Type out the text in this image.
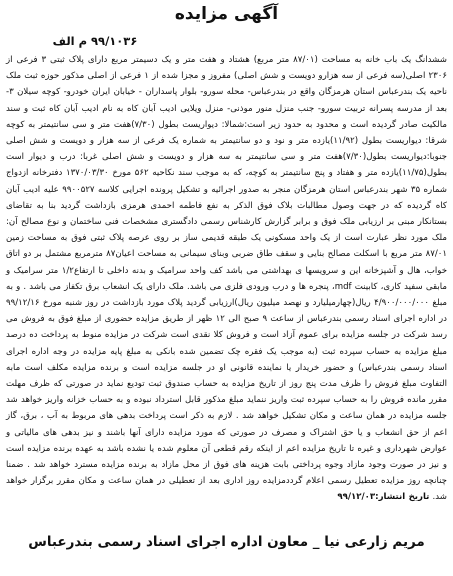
آگهی مزایده
۹۹/۱۰۳۶ م الف
ششدانگ یک باب خانه به مساحت (۸۷/۰۱ متر مربع) هشتاد و هفت متر و یک دسیمتر مربع دارای پلاک ثبتی ۳ فرعی از ۲۳۰۶ اصلی(سه فرعی از سه هزارو دویست و شش اصلی) مفروز و مجزا شده از ۱ فرعی از اصلی مذکور حوزه ثبت ملک ناحیه یک بندرعباس استان هرمزگان واقع در بندرعباس- محله سورو- بلوار پاسداران - خیابان ایران خودرو- کوچه سیلان ۳- بعد از مدرسه پسرانه تربیت سورو- جنب منزل منور موذنی- منزل ویلایی ادیب آبان کاه به نام ادیب آبان کاه ثبت و سند مالکیت صادر گردیده است و محدود به حدود زیر است:شمالا: دیواریست بطول (۷/۳۰)هفت متر و سی سانتیمتر به کوچه شرقا: دیواریست بطول (۱۱/۹۲)یازده متر و نود و دو سانتیمتر به شماره یک فرعی از سه هزار و دویست و شش اصلی جنوبا:دیواریست بطول(۷/۳۰)هفت متر و سی سانتیمتر به سه هزار و دویست و شش اصلی غربا: درب و دیوار است بطول(۱۱/۷۵)یازده متر و هفتاد و پنج سانتیمتر به کوچه، که به موجب سند نکاحیه ۵۶۲ مورخ ۱۳۷۰/۰۳/۳۰ دفترخانه ازدواج شماره ۳۵ شهر بندرعباس استان هرمزگان منجر به صدور اجرائیه و تشکیل پرونده اجرایی کلاسه ۹۹۰۰۵۲۷ علیه ادیب آبان کاه گردیده که در جهت وصول مطالبات بلاک فوق الذکر به نفع فاطمه احمدی هرمزی بازداشت گردید بنا به تقاضای بستانکار مبنی بر ارزیابی ملک فوق و برابر گزارش کارشناس رسمی دادگستری مشخصات فنی ساختمان و نوع مصالح آن: ملک مورد نظر عبارت است از یک واحد مسکونی یک طبقه قدیمی ساز بر روی عرصه پلاک ثبتی فوق به مساحت زمین ۸۷/۰۱ متر مربع با اسکلت مصالح بنایی و سقف طاق ضربی وبنای سیمانی به مساحت اعیان۸۷ مترمربع مشتمل بر دو اتاق خواب، هال و آشپزخانه این و سرویسها ی بهداشتی می باشد کف واحد سرامیک و بدنه داخلی تا ارتفاع۱/۲ متر سرامیک و مابقی سفید کاری، کابینت mdf، پنجره ها و درب ورودی فلزی می باشد. ملک دارای یک انشعاب برق تکفاز می باشد . و به مبلغ ۴/۹۰۰/۰۰۰/۰۰۰ ریال(چهارمیلیارد و نهصد میلیون ریال)ارزیابی گردید پلاک مورد بازداشت در روز شنبه مورخ ۹۹/۱۲/۱۶ در اداره اجرای اسناد رسمی بندرعباس از ساعت ۹ صبح الی ۱۲ ظهر از طریق مزایده حضوری از مبلغ فوق به فروش می رسد شرکت در جلسه مزایده برای عموم آزاد است و فروش کلا نقدی است شرکت در مزایده منوط به پرداخت ده درصد مبلغ مزایده به حساب سپرده ثبت (به موجب یک فقره چک تضمین شده بانکی به مبلغ پایه مزایده در وجه اداره اجرای اسناد رسمی بندرعباس) و حضور خریدار یا نماینده قانونی او در جلسه مزایده است و برنده مزایده مکلف است مابه التفاوت مبلغ فروش را ظرف مدت پنج روز از تاریخ مزایده به حساب صندوق ثبت تودیع نماید در صورتی که ظرف مهلت مقرر مانده فروش را به حساب سپرده ثبت واریز ننماید مبلغ مذکور قابل استرداد نبوده و به حساب خزانه واریز خواهد شد جلسه مزایده در همان ساعت و مکان تشکیل خواهد شد . لازم به ذکر است پرداخت بدهی های مربوط به آب ، برق، گاز اعم از حق انشعاب و یا حق اشتراک و مصرف در صورتی که مورد مزایده دارای آنها باشند و نیز بدهی های مالیاتی و عوارض شهرداری و غیره تا تاریخ مزایده اعم از اینکه رقم قطعی آن معلوم شده یا نشده باشد به عهده برنده مزایده است و نیز در صورت وجود مازاد وجوه پرداختی بابت هزینه های فوق از محل مازاد به برنده مزایده مسترد خواهد شد . ضمنا چنانچه روز مزایده تعطیل رسمی اعلام گرددمزایده روز اداری بعد از تعطیلی در همان ساعت و مکان مقرر برگزار خواهد شد. تاریخ انتشار:۹۹/۱۲/۰۳
مریم زارعی نیا _ معاون اداره اجرای اسناد رسمی بندرعباس
